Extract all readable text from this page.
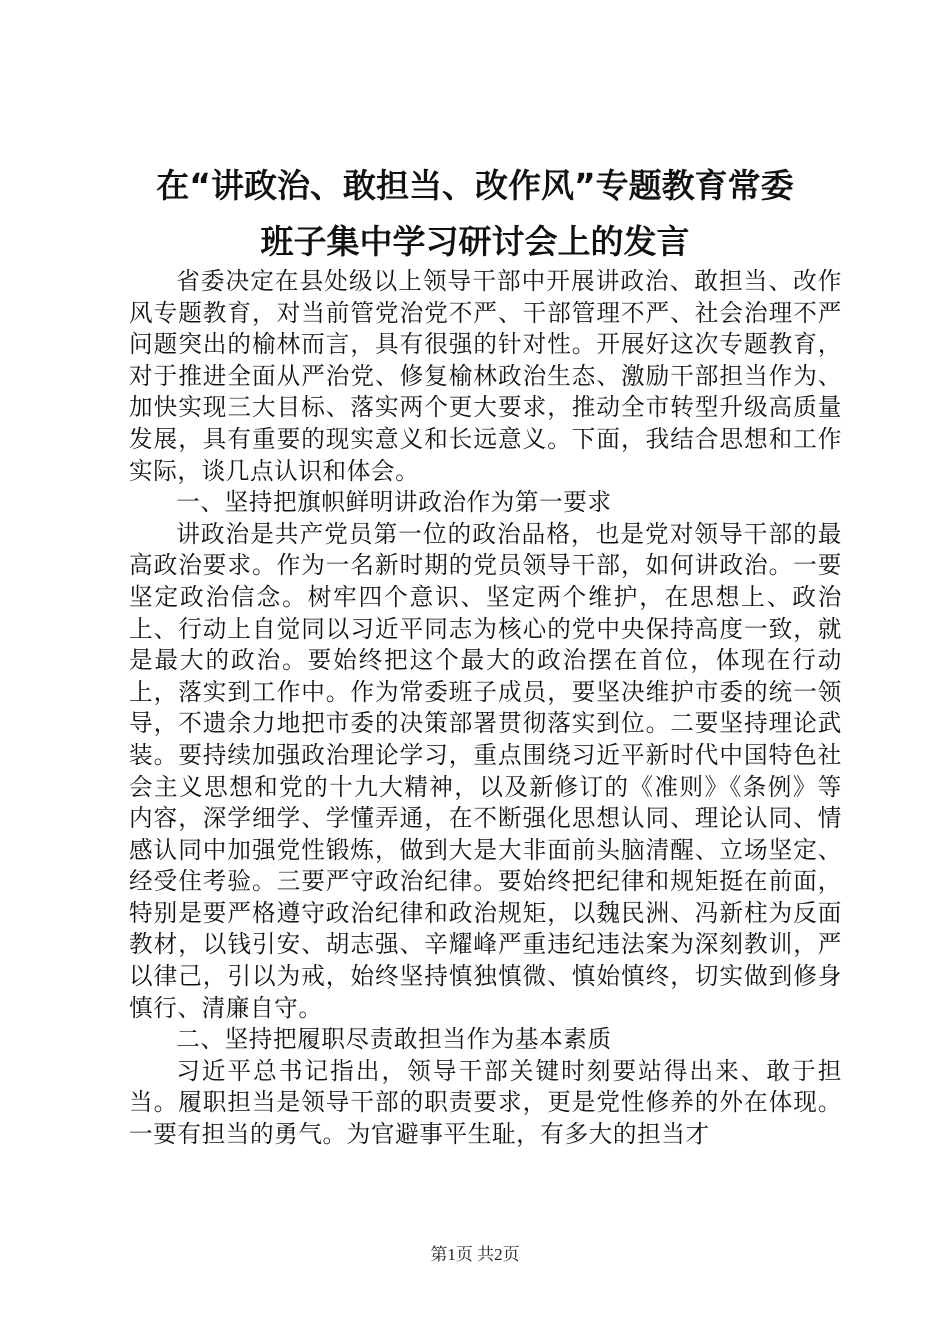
在“讲政治、敢担当、改作风”专题教育常委
班子集中学习研讨会上的发言

省委决定在县处级以上领导干部中开展讲政治、敢担当、改作风专题教育，对当前管党治党不严、干部管理不严、社会治理不严问题突出的榆林而言，具有很强的针对性。开展好这次专题教育，对于推进全面从严治党、修复榆林政治生态、激励干部担当作为、加快实现三大目标、落实两个更大要求，推动全市转型升级高质量发展，具有重要的现实意义和长远意义。下面，我结合思想和工作实际，谈几点认识和体会。

一、坚持把旗帜鲜明讲政治作为第一要求

讲政治是共产党员第一位的政治品格，也是党对领导干部的最高政治要求。作为一名新时期的党员领导干部，如何讲政治。一要坚定政治信念。树牢四个意识、坚定两个维护，在思想上、政治上、行动上自觉同以习近平同志为核心的党中央保持高度一致，就是最大的政治。要始终把这个最大的政治摆在首位，体现在行动上，落实到工作中。作为常委班子成员，要坚决维护市委的统一领导，不遗余力地把市委的决策部署贯彻落实到位。二要坚持理论武装。要持续加强政治理论学习，重点围绕习近平新时代中国特色社会主义思想和党的十九大精神，以及新修订的《准则》《条例》等内容，深学细学、学懂弄通，在不断强化思想认同、理论认同、情感认同中加强党性锻炼，做到大是大非面前头脑清醒、立场坚定、经受住考验。三要严守政治纪律。要始终把纪律和规矩挺在前面，特别是要严格遵守政治纪律和政治规矩，以魏民洲、冯新柱为反面教材，以钱引安、胡志强、辛耀峰严重违纪违法案为深刻教训，严以律己，引以为戒，始终坚持慎独慎微、慎始慎终，切实做到修身慎行、清廉自守。

二、坚持把履职尽责敢担当作为基本素质

习近平总书记指出，领导干部关键时刻要站得出来、敢于担当。履职担当是领导干部的职责要求，更是党性修养的外在体现。一要有担当的勇气。为官避事平生耻，有多大的担当才

第1页 共2页
